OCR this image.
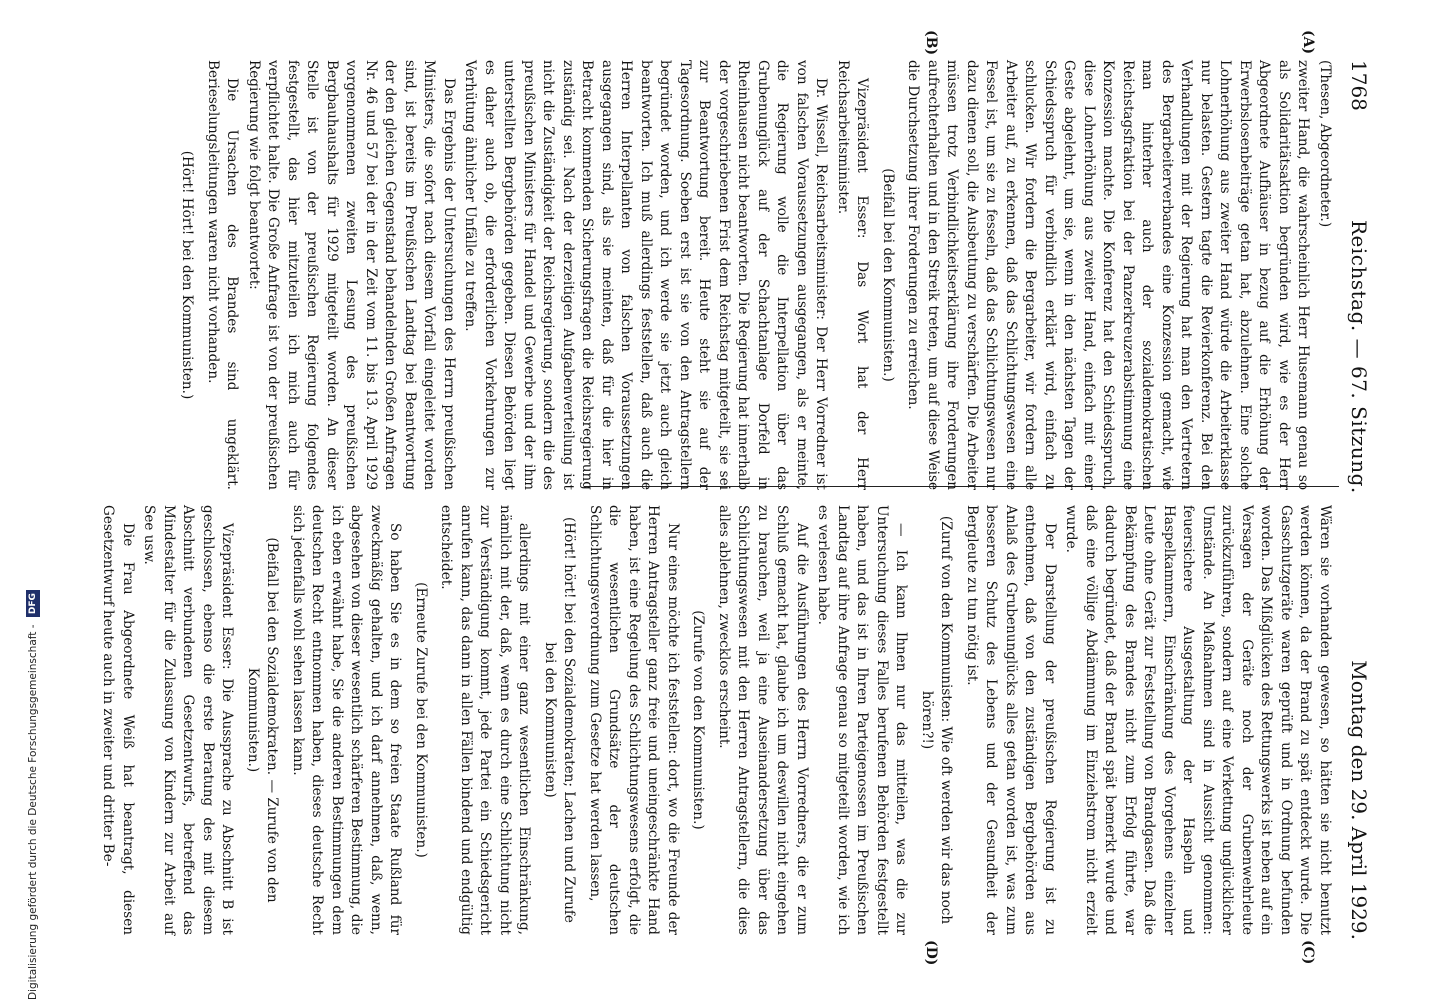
1768
Reichstag. — 67. Sitzung.
Montag den 29. April 1929.
(A)
(B)
(C)
(D)

(Thesen, Abgeordneter.)

zweiter Hand, die wahrscheinlich Herr Husemann genau so als Solidaritätsaktion begründen wird, wie es der Herr Abgeordnete Aufhäuser in bezug auf die Erhöhung der Erwerbslosenbeiträge getan hat, abzulehnen. Eine solche Lohnerhöhung aus zweiter Hand würde die Arbeiterklasse nur belasten. Gestern tagte die Revierkonferenz. Bei den Verhandlungen mit der Regierung hat man den Vertretern des Bergarbeiterverbandes eine Konzession gemacht, wie man hinterher auch der sozialdemokratischen Reichstagsfraktion bei der Panzerkreuzerabstimmung eine Konzession machte. Die Konferenz hat den Schiedsspruch, diese Lohnerhöhung aus zweiter Hand, einfach mit einer Geste abgelehnt, um sie, wenn in den nächsten Tagen der Schiedsspruch für verbindlich erklärt wird, einfach zu schlucken. Wir fordern die Bergarbeiter, wir fordern alle Arbeiter auf, zu erkennen, daß das Schlichtungswesen eine Fessel ist, um sie zu fesseln, daß das Schlichtungswesen nur dazu dienen soll, die Ausbeutung zu verschärfen. Die Arbeiter müssen trotz Verbindlichkeitserklärung ihre Forderungen aufrechterhalten und in den Streik treten, um auf diese Weise die Durchsetzung ihrer Forderungen zu erreichen.

(Beifall bei den Kommunisten.)

Vizepräsident Esser: Das Wort hat der Herr Reichsarbeitsminister.

Dr. Wissell, Reichsarbeitsminister: Der Herr Vorredner ist von falschen Voraussetzungen ausgegangen, als er meinte, die Regierung wolle die Interpellation über das Grubenunglück auf der Schachtanlage Dorfeld in Rheinhausen nicht beantworten. Die Regierung hat innerhalb der vorgeschriebenen Frist dem Reichstag mitgeteilt, sie sei zur Beantwortung bereit. Heute steht sie auf der Tagesordnung. Soeben erst ist sie von den Antragstellern begründet worden, und ich werde sie jetzt auch gleich beantworten. Ich muß allerdings feststellen, daß auch die Herren Interpellanten von falschen Voraussetzungen ausgegangen sind, als sie meinten, daß für die hier in Betracht kommenden Sicherungsfragen die Reichsregierung zuständig sei. Nach der derzeitigen Aufgabenverteilung ist nicht die Zuständigkeit der Reichsregierung, sondern die des preußischen Ministers für Handel und Gewerbe und der ihm unterstellten Bergbehörden gegeben. Diesen Behörden liegt es daher auch ob, die erforderlichen Vorkehrungen zur Verhütung ähnlicher Unfälle zu treffen.

Das Ergebnis der Untersuchungen des Herrn preußischen Ministers, die sofort nach diesem Vorfall eingeleitet worden sind, ist bereits im Preußischen Landtag bei Beantwortung der den gleichen Gegenstand behandelnden Großen Anfragen Nr. 46 und 57 bei der in der Zeit vom 11. bis 13. April 1929 vorgenommenen zweiten Lesung des preußischen Bergbauhaushalts für 1929 mitgeteilt worden. An dieser Stelle ist von der preußischen Regierung folgendes festgestellt, das hier mitzuteilen ich mich auch für verpflichtet halte. Die Große Anfrage ist von der preußischen Regierung wie folgt beantwortet:

Die Ursachen des Brandes sind ungeklärt. Berieselungsleitungen waren nicht vorhanden.

(Hört! Hört! bei den Kommunisten.)

Wären sie vorhanden gewesen, so hätten sie nicht benutzt werden können, da der Brand zu spät entdeckt wurde. Die Gasschutzgeräte waren geprüft und in Ordnung befunden worden. Das Mißglücken des Rettungswerks ist neben auf ein Versagen der Geräte noch der Grubenwehrleute zurückzuführen, sondern auf eine Verkettung unglücklicher Umstände. An Maßnahmen sind in Aussicht genommen: feuersichere Ausgestaltung der Haspeln und Haspelkammern, Einschränkung des Vorgehens einzelner Leute ohne Gerät zur Feststellung von Brandgasen. Daß die Bekämpfung des Brandes nicht zum Erfolg führte, war dadurch begründet, daß der Brand spät bemerkt wurde und daß eine völlige Abdämmung im Einziehstrom nicht erzielt wurde.

Der Darstellung der preußischen Regierung ist zu entnehmen, daß von den zuständigen Bergbehörden aus Anlaß des Grubenunglücks alles getan worden ist, was zum besseren Schutz des Lebens und der Gesundheit der Bergleute zu tun nötig ist.

(Zuruf von den Kommunisten: Wie oft werden wir das noch hören?!)

— Ich kann Ihnen nur das mitteilen, was die zur Untersuchung dieses Falles berufenen Behörden festgestellt haben, und das ist in Ihren Parteigenossen im Preußischen Landtag auf ihre Anfrage genau so mitgeteilt worden, wie ich es verlesen habe.

Auf die Ausführungen des Herrn Vorredners, die er zum Schluß gemacht hat, glaube ich um deswillen nicht eingehen zu brauchen, weil ja eine Auseinandersetzung über das Schlichtungswesen mit den Herren Antragstellern, die dies alles ablehnen, zwecklos erscheint.

(Zurufe von den Kommunisten.)

Nur eines möchte ich feststellen: dort, wo die Freunde der Herren Antragsteller ganz freie und uneingeschränkte Hand haben, ist eine Regelung des Schlichtungswesens erfolgt, die die wesentlichen Grundsätze der deutschen Schlichtungsverordnung zum Gesetze hat werden lassen,

(Hört! hört! bei den Sozialdemokraten; Lachen und Zurufe bei den Kommunisten)

allerdings mit einer ganz wesentlichen Einschränkung, nämlich mit der, daß, wenn es durch eine Schlichtung nicht zur Verständigung kommt, jede Partei ein Schiedsgericht anrufen kann, das dann in allen Fällen bindend und endgültig entscheidet.

(Erneute Zurufe bei den Kommunisten.)

So haben Sie es in dem so freien Staate Rußland für zweckmäßig gehalten, und ich darf annehmen, daß, wenn, abgesehen von dieser wesentlich schärferen Bestimmung, die ich eben erwähnt habe, Sie die anderen Bestimmungen dem deutschen Recht entnommen haben, dieses deutsche Recht sich jedenfalls wohl sehen lassen kann.

(Beifall bei den Sozialdemokraten. — Zurufe von den Kommunisten.)

Vizepräsident Esser: Die Aussprache zu Abschnitt B ist geschlossen, ebenso die erste Beratung des mit diesem Abschnitt verbundenen Gesetzentwurfs, betreffend das Mindestalter für die Zulassung von Kindern zur Arbeit auf See usw.

Die Frau Abgeordnete Weiß hat beantragt, diesen Gesetzentwurf heute auch in zweiter und dritter Be-

Digitalisierung gefördert durch die Deutsche Forschungsgemeinschaft - DFG
